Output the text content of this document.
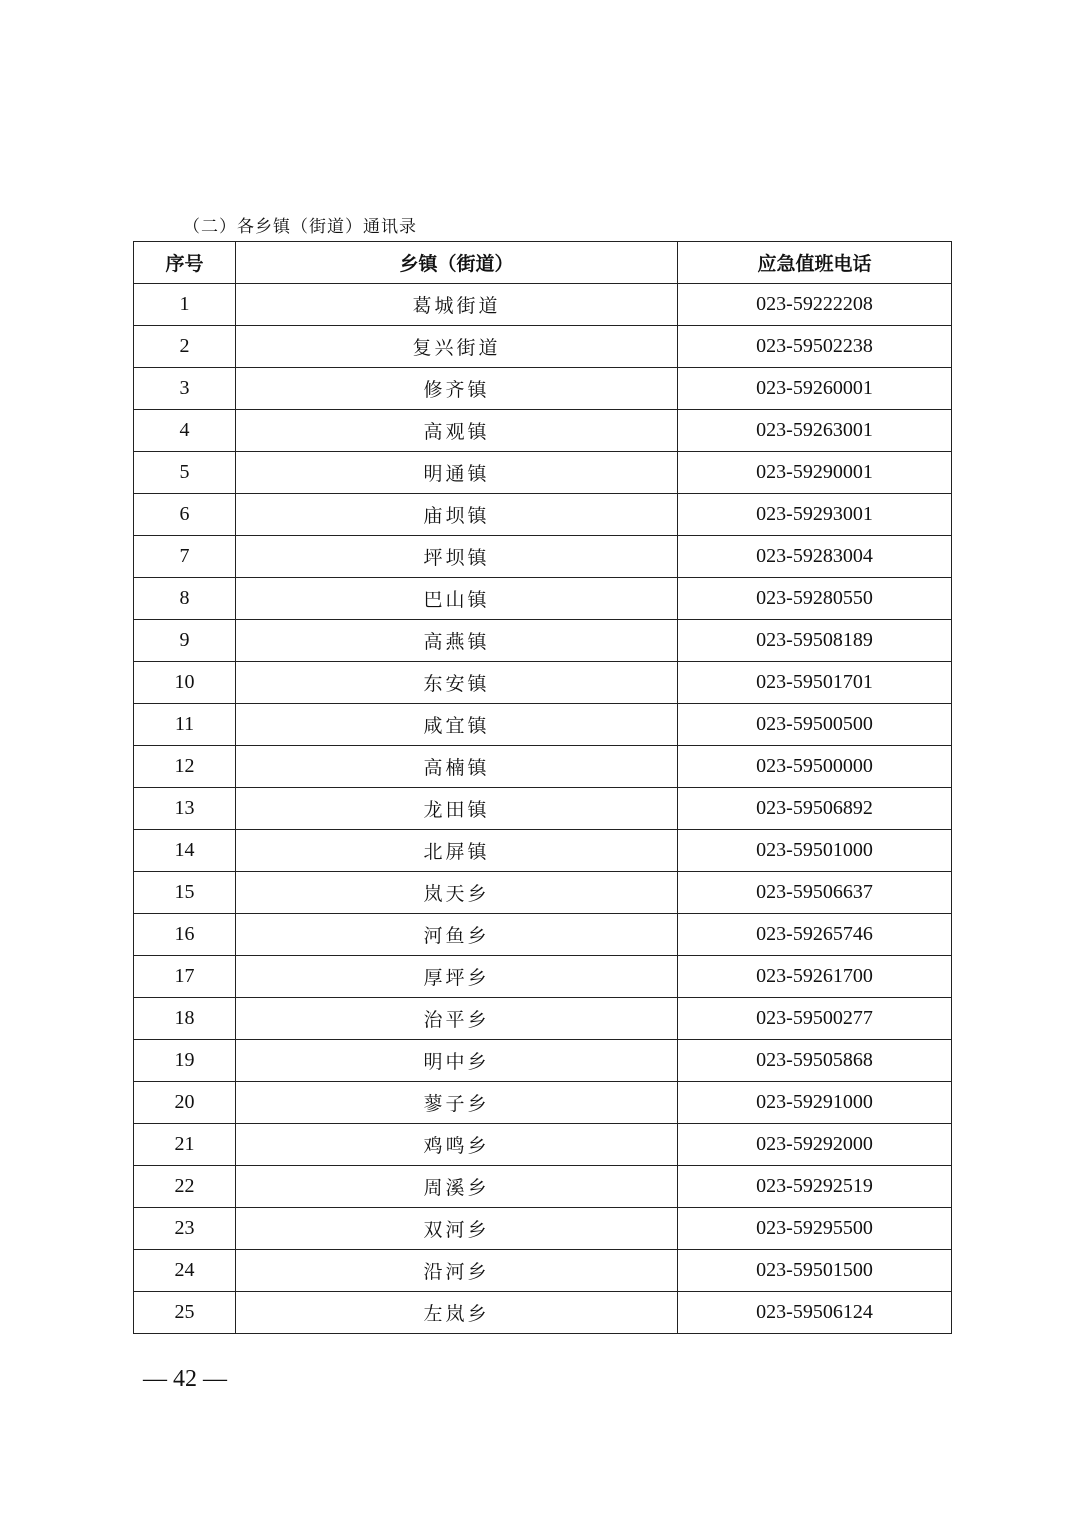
（二）各乡镇（街道）通讯录
序号	乡镇（街道）	应急值班电话
1	葛城街道	023-59222208
2	复兴街道	023-59502238
3	修齐镇	023-59260001
4	高观镇	023-59263001
5	明通镇	023-59290001
6	庙坝镇	023-59293001
7	坪坝镇	023-59283004
8	巴山镇	023-59280550
9	高燕镇	023-59508189
10	东安镇	023-59501701
11	咸宜镇	023-59500500
12	高楠镇	023-59500000
13	龙田镇	023-59506892
14	北屏镇	023-59501000
15	岚天乡	023-59506637
16	河鱼乡	023-59265746
17	厚坪乡	023-59261700
18	治平乡	023-59500277
19	明中乡	023-59505868
20	蓼子乡	023-59291000
21	鸡鸣乡	023-59292000
22	周溪乡	023-59292519
23	双河乡	023-59295500
24	沿河乡	023-59501500
25	左岚乡	023-59506124
— 42 —
